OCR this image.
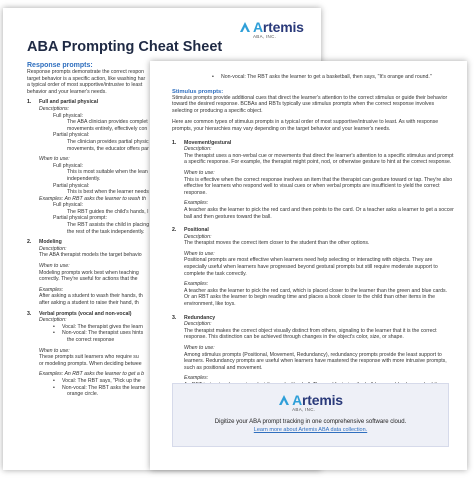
Artemis
ABA, INC.
ABA Prompting Cheat Sheet

Response prompts:

Response prompts demonstrate the correct respon

target behavior is a specific action, like washing har

a typical order of most supportive/intrusive to least

behavior and your learner's needs.

1.	Full and partial physical

Descriptions:

Full physical:

The ABA clinician provides complet

movements entirely, effectively con

Partial physical:

The clinician provides partial physic

movements, the educator offers par

When to use:

Full physical:

This is most suitable when the lean

independently.

Partial physical:

This is best when the learner needs

Examples: An RBT asks the learner to wash th

Full physical:

The RBT guides the child's hands, l

Partial physical prompt:

The RBT assists the child in placing

the rest of the task independently.

2.	Modeling

Description:

The ABA therapist models the target behavio

When to use:

Modeling prompts work best when teaching

correctly. They're useful for actions that the

Examples:

After asking a student to wash their hands, th

after asking a student to raise their hand, th

3.	Verbal prompts (vocal and non-vocal)

Description:

•	Vocal: The therapist gives the learn
•	Non-vocal: The therapist uses hints

the correct response

When to use:

These prompts suit learners who require su

or modeling prompts. When deciding betwee

Examples: An RBT asks the learner to get a b

•	Vocal: The RBT says, "Pick up the
•	Non-vocal: The RBT asks the learne

orange circle.

•	Non-vocal: The RBT asks the learner to get a basketball, then says, "It's orange and round."

Stimulus prompts:

Stimulus prompts provide additional cues that direct the learner's attention to the correct stimulus or guide their behavior toward the desired response. BCBAs and RBTs typically use stimulus prompts when the correct response involves selecting or producing a specific object.

Here are common types of stimulus prompts in a typical order of most supportive/intrusive to least. As with response prompts, your hierarchies may vary depending on the target behavior and your learner's needs.

1.	Movement/gestural

Description:

The therapist uses a non-verbal cue or movements that direct the learner's attention to a specific stimulus and prompt a specific response. For example, the therapist might point, nod, or otherwise gesture to hint at the correct response.

When to use:

This is effective when the correct response involves an item that the therapist can gesture toward or tap. They're also effective for learners who respond well to visual cues or when verbal prompts are insufficient to yield the correct response.

Examples:

A teacher asks the learner to pick the red card and then points to the card. Or a teacher asks a learner to get a soccer ball and then gestures toward the ball.

2.	Positional

Description:

The therapist moves the correct item closer to the student than the other options.

When to use:

Positional prompts are most effective when learners need help selecting or interacting with objects. They are especially useful when learners have progressed beyond gestural prompts but still require moderate support to complete the task correctly.

Examples:

A teacher asks the learner to pick the red card, which is placed closer to the learner than the green and blue cards. Or an RBT asks the learner to begin reading time and places a book closer to the child than other items in the environment, like toys.

3.	Redundancy

Description:

The therapist makes the correct object visually distinct from others, signaling to the learner that it is the correct response. This distinction can be achieved through changes in the object's color, size, or shape.

When to use:

Among stimulus prompts (Positional, Movement, Redundancy), redundancy prompts provide the least support to learners. Redundancy prompts are useful when learners have mastered the response with more intrusive prompts, such as positional and movement.

Examples:

Artemis
ABA, INC.
Digitize your ABA prompt tracking in one comprehensive software cloud.
Learn more about Artemis ABA data collection.
